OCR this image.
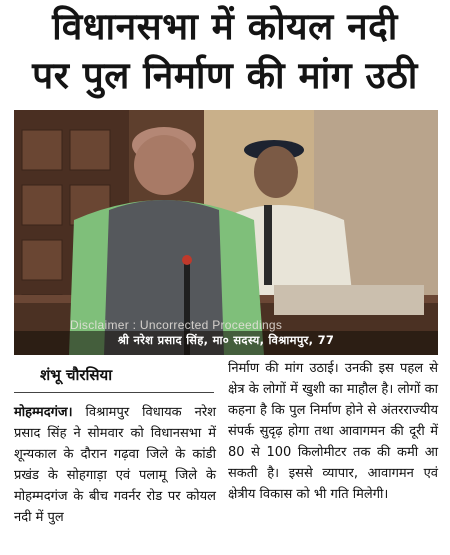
विधानसभा में कोयल नदी
पर पुल निर्माण की मांग उठी
Disclaimer : Uncorrected Proceedings
श्री नरेश प्रसाद सिंह, मा० सदस्य, विश्रामपुर, 77
शंभू चौरसिया
मोहम्मदगंज। विश्रामपुर विधायक नरेश प्रसाद सिंह ने सोमवार को विधानसभा में शून्यकाल के दौरान गढ़वा जिले के कांडी प्रखंड के सोहगाड़ा एवं पलामू जिले के मोहम्मदगंज के बीच गवर्नर रोड पर कोयल नदी में पुल
निर्माण की मांग उठाई। उनकी इस पहल से क्षेत्र के लोगों में खुशी का माहौल है। लोगों का कहना है कि पुल निर्माण होने से अंतरराज्यीय संपर्क सुदृढ़ होगा तथा आवागमन की दूरी में 80 से 100 किलोमीटर तक की कमी आ सकती है। इससे व्यापार, आवागमन एवं क्षेत्रीय विकास को भी गति मिलेगी।
